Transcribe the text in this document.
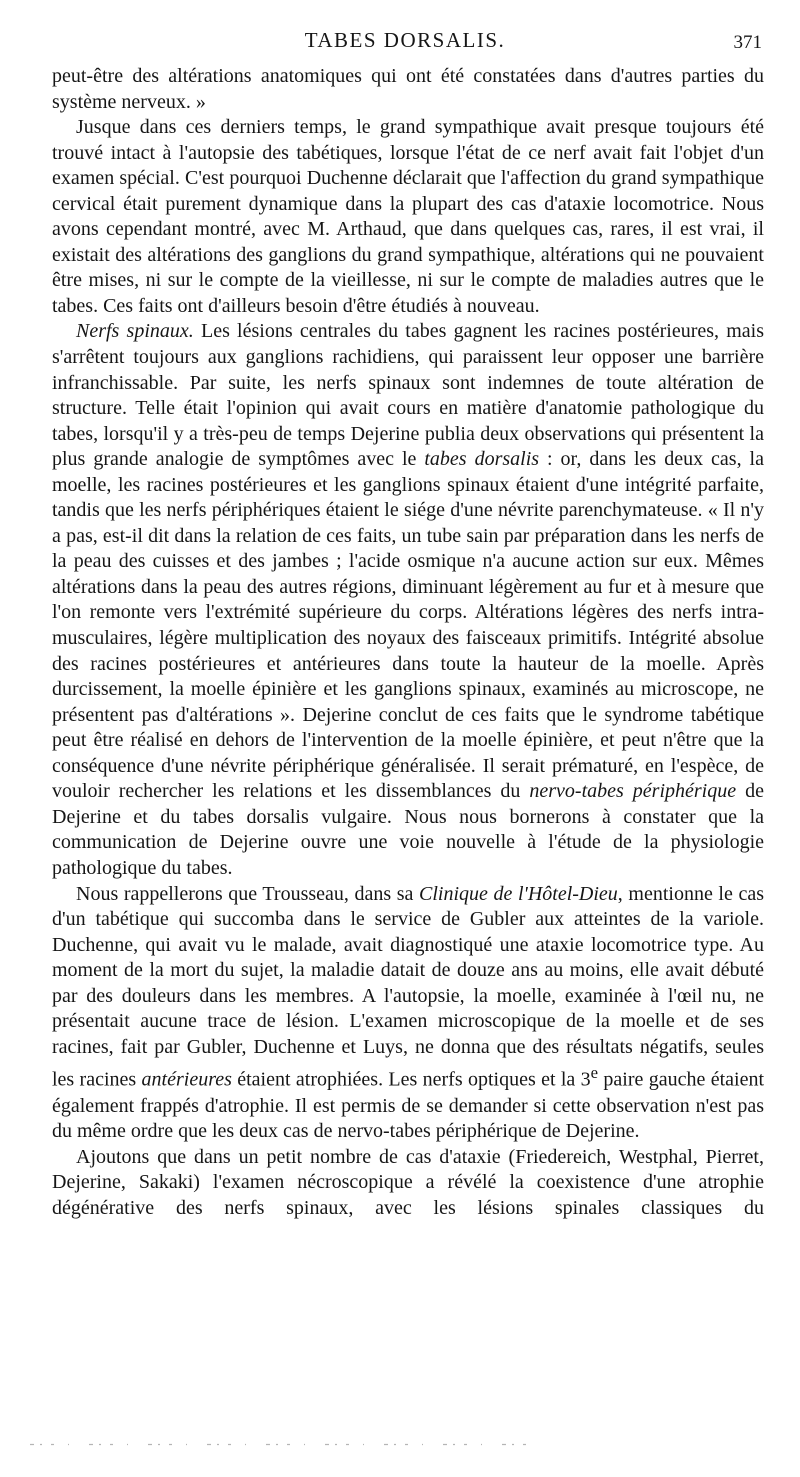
TABES DORSALIS.	371

peut-être des altérations anatomiques qui ont été constatées dans d'autres parties du système nerveux. »

Jusque dans ces derniers temps, le grand sympathique avait presque toujours été trouvé intact à l'autopsie des tabétiques, lorsque l'état de ce nerf avait fait l'objet d'un examen spécial. C'est pourquoi Duchenne déclarait que l'affection du grand sympathique cervical était purement dynamique dans la plupart des cas d'ataxie locomotrice. Nous avons cependant montré, avec M. Arthaud, que dans quelques cas, rares, il est vrai, il existait des altérations des ganglions du grand sympathique, altérations qui ne pouvaient être mises, ni sur le compte de la vieillesse, ni sur le compte de maladies autres que le tabes. Ces faits ont d'ailleurs besoin d'être étudiés à nouveau.

Nerfs spinaux. Les lésions centrales du tabes gagnent les racines postérieures, mais s'arrêtent toujours aux ganglions rachidiens, qui paraissent leur opposer une barrière infranchissable. Par suite, les nerfs spinaux sont indemnes de toute altération de structure. Telle était l'opinion qui avait cours en matière d'anatomie pathologique du tabes, lorsqu'il y a très-peu de temps Dejerine publia deux observations qui présentent la plus grande analogie de symptômes avec le tabes dorsalis : or, dans les deux cas, la moelle, les racines postérieures et les ganglions spinaux étaient d'une intégrité parfaite, tandis que les nerfs périphériques étaient le siége d'une névrite parenchymateuse. « Il n'y a pas, est-il dit dans la relation de ces faits, un tube sain par préparation dans les nerfs de la peau des cuisses et des jambes ; l'acide osmique n'a aucune action sur eux. Mêmes altérations dans la peau des autres régions, diminuant légèrement au fur et à mesure que l'on remonte vers l'extrémité supérieure du corps. Altérations légères des nerfs intra-musculaires, légère multiplication des noyaux des faisceaux primitifs. Intégrité absolue des racines postérieures et antérieures dans toute la hauteur de la moelle. Après durcissement, la moelle épinière et les ganglions spinaux, examinés au microscope, ne présentent pas d'altérations ». Dejerine conclut de ces faits que le syndrome tabétique peut être réalisé en dehors de l'intervention de la moelle épinière, et peut n'être que la conséquence d'une névrite périphérique généralisée. Il serait prématuré, en l'espèce, de vouloir rechercher les relations et les dissemblances du nervo-tabes périphérique de Dejerine et du tabes dorsalis vulgaire. Nous nous bornerons à constater que la communication de Dejerine ouvre une voie nouvelle à l'étude de la physiologie pathologique du tabes.

Nous rappellerons que Trousseau, dans sa Clinique de l'Hôtel-Dieu, mentionne le cas d'un tabétique qui succomba dans le service de Gubler aux atteintes de la variole. Duchenne, qui avait vu le malade, avait diagnostiqué une ataxie locomotrice type. Au moment de la mort du sujet, la maladie datait de douze ans au moins, elle avait débuté par des douleurs dans les membres. A l'autopsie, la moelle, examinée à l'œil nu, ne présentait aucune trace de lésion. L'examen microscopique de la moelle et de ses racines, fait par Gubler, Duchenne et Luys, ne donna que des résultats négatifs, seules les racines antérieures étaient atrophiées. Les nerfs optiques et la 3e paire gauche étaient également frappés d'atrophie. Il est permis de se demander si cette observation n'est pas du même ordre que les deux cas de nervo-tabes périphérique de Dejerine.

Ajoutons que dans un petit nombre de cas d'ataxie (Friedereich, Westphal, Pierret, Dejerine, Sakaki) l'examen nécroscopique a révélé la coexistence d'une atrophie dégénérative des nerfs spinaux, avec les lésions spinales classiques du
